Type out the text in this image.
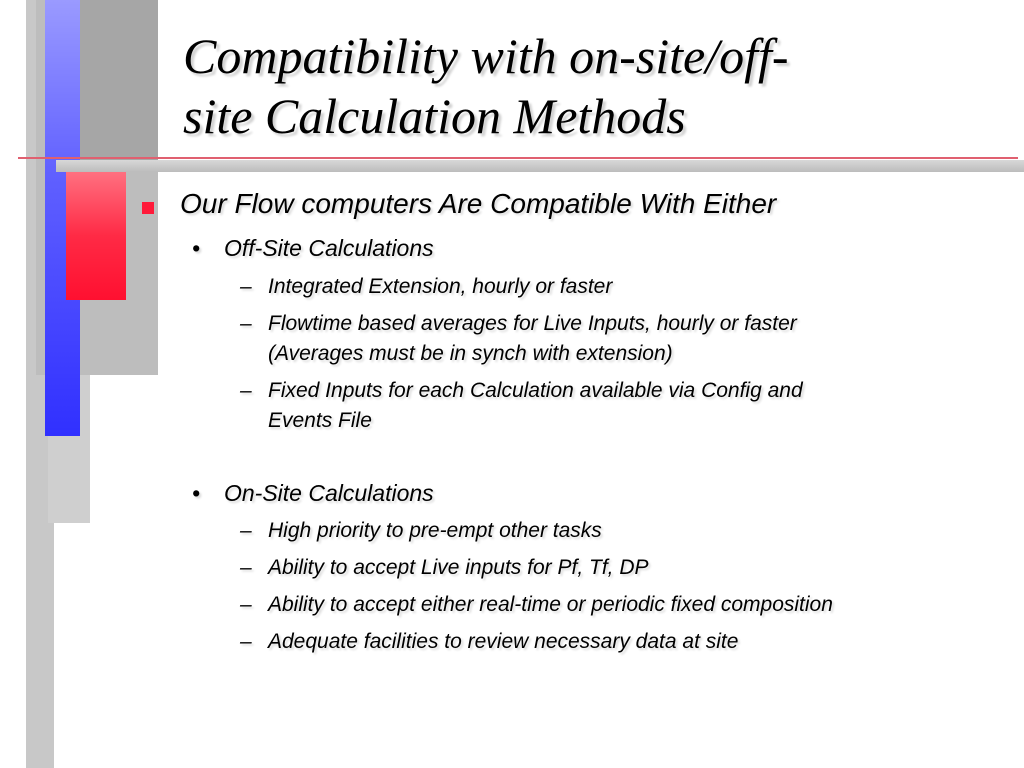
Compatibility with on-site/off-
site Calculation Methods

Our Flow computers Are Compatible With Either

• Off-Site Calculations

– Integrated Extension, hourly or faster

– Flowtime based averages for Live Inputs, hourly or faster

(Averages must be in synch with extension)

– Fixed Inputs for each Calculation available via Config and

Events File

• On-Site Calculations

– High priority to pre-empt other tasks

– Ability to accept Live inputs for Pf, Tf, DP

– Ability to accept either real-time or periodic fixed composition

– Adequate facilities to review necessary data at site
